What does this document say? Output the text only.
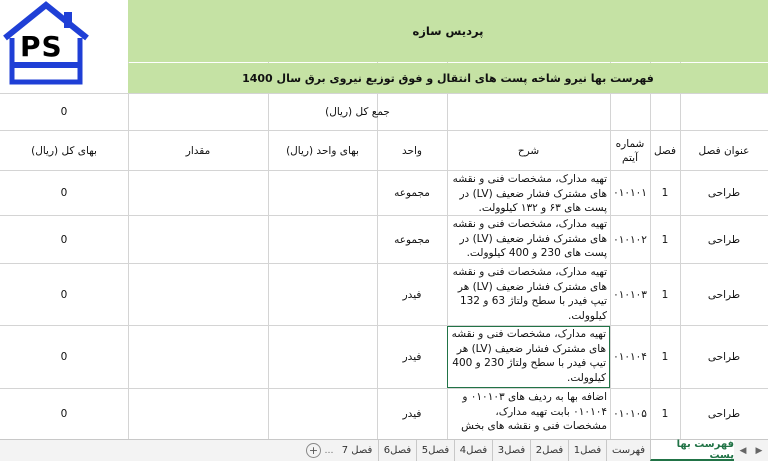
پردیس سازه
فهرست بها نیرو شاخه پست های انتقال و فوق توزیع نیروی برق سال 1400
PS
جمع کل (ریال)
0
عنوان فصل
فصل
شماره آیتم
شرح
واحد
بهای واحد (ریال)
مقدار
بهای کل (ریال)
طراحی
1
۰۱۰۱۰۱
تهیه مدارک، مشخصات فنی و نقشه های مشترک فشار ضعیف (LV) در پست های ۶۳ و ۱۳۲ کیلوولت.
مجموعه
0
طراحی
1
۰۱۰۱۰۲
تهیه مدارک، مشخصات فنی و نقشه های مشترک فشار ضعیف (LV) در پست های 230 و 400 کیلوولت.
مجموعه
0
طراحی
1
۰۱۰۱۰۳
تهیه مدارک، مشخصات فنی و نقشه های مشترک فشار ضعیف (LV) هر تیپ فیدر با سطح ولتاژ 63 و 132 کیلوولت.
فیدر
0
طراحی
1
۰۱۰۱۰۴
تهیه مدارک، مشخصات فنی و نقشه های مشترک فشار ضعیف (LV) هر تیپ فیدر با سطح ولتاژ 230 و 400 کیلوولت.
فیدر
0
طراحی
1
۰۱۰۱۰۵
اضافه بها به ردیف های ۰۱۰۱۰۳ و ۰۱۰۱۰۴ بابت تهیه مدارک، مشخصات فنی و نقشه های بخش
فیدر
0
▶
◀
فهرست بها پست
فهرست
فصل1
فصل2
فصل3
فصل4
فصل5
فصل6
فصل 7
…
+
